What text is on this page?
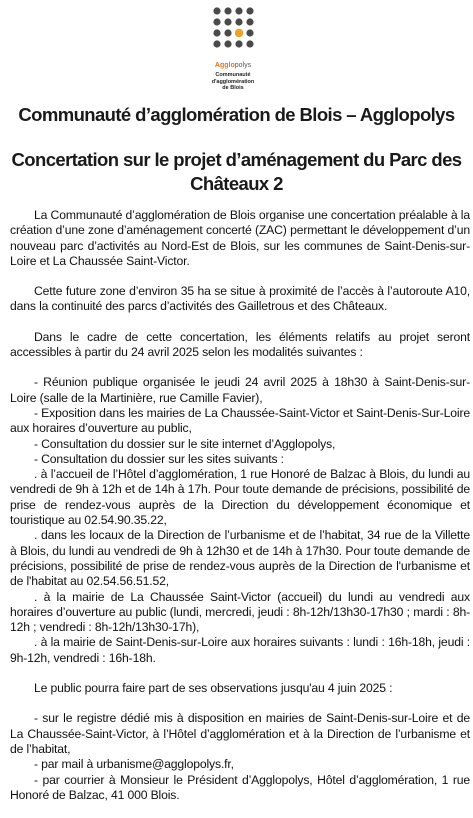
Agglopolys
Communauté
d'agglomération
de Blois
Communauté d’agglomération de Blois – Agglopolys
Concertation sur le projet d’aménagement du Parc des
Châteaux 2

La Communauté d’agglomération de Blois organise une concertation préalable à la création d’une zone d’aménagement concerté (ZAC) permettant le développement d’un nouveau parc d’activités au Nord-Est de Blois, sur les communes de Saint-Denis-sur-Loire et La Chaussée Saint-Victor.

Cette future zone d’environ 35 ha se situe à proximité de l’accès à l’autoroute A10, dans la continuité des parcs d’activités des Gailletrous et des Châteaux.

Dans le cadre de cette concertation, les éléments relatifs au projet seront accessibles à partir du 24 avril 2025 selon les modalités suivantes :

- Réunion publique organisée le jeudi 24 avril 2025 à 18h30 à Saint-Denis-sur-Loire (salle de la Martinière, rue Camille Favier),
- Exposition dans les mairies de La Chaussée-Saint-Victor et Saint-Denis-Sur-Loire aux horaires d’ouverture au public,
- Consultation du dossier sur le site internet d’Agglopolys,
- Consultation du dossier sur les sites suivants :
. à l’accueil de l’Hôtel d’agglomération, 1 rue Honoré de Balzac à Blois, du lundi au vendredi de 9h à 12h et de 14h à 17h. Pour toute demande de précisions, possibilité de prise de rendez-vous auprès de la Direction du développement économique et touristique au 02.54.90.35.22,
. dans les locaux de la Direction de l’urbanisme et de l’habitat, 34 rue de la Villette à Blois, du lundi au vendredi de 9h à 12h30 et de 14h à 17h30. Pour toute demande de précisions, possibilité de prise de rendez-vous auprès de la Direction de l'urbanisme et de l'habitat au 02.54.56.51.52,
. à la mairie de La Chaussée Saint-Victor (accueil) du lundi au vendredi aux horaires d’ouverture au public (lundi, mercredi, jeudi : 8h-12h/13h30-17h30 ; mardi : 8h-12h ; vendredi : 8h-12h/13h30-17h),
. à la mairie de Saint-Denis-sur-Loire aux horaires suivants : lundi : 16h-18h, jeudi : 9h-12h, vendredi : 16h-18h.

Le public pourra faire part de ses observations jusqu'au 4 juin 2025 :

- sur le registre dédié mis à disposition en mairies de Saint-Denis-sur-Loire et de La Chaussée-Saint-Victor, à l’Hôtel d’agglomération et à la Direction de l’urbanisme et de l’habitat,
- par mail à urbanisme@agglopolys.fr,
- par courrier à Monsieur le Président d’Agglopolys, Hôtel d’agglomération, 1 rue Honoré de Balzac, 41 000 Blois.
